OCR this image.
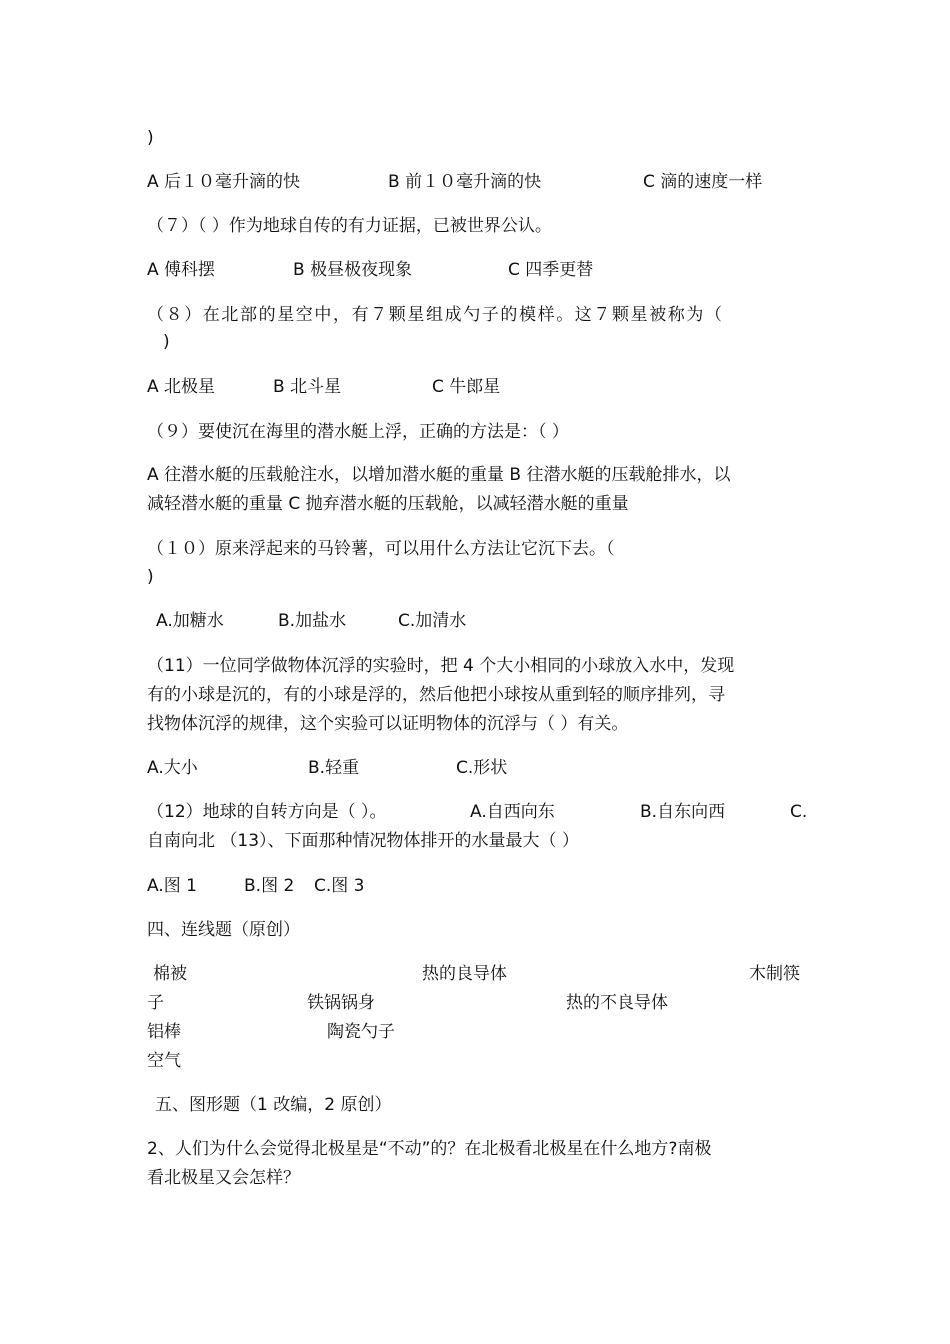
)
A 后１０毫升滴的快	B 前１０毫升滴的快	C 滴的速度一样
（７）（ ）作为地球自传的有力证据，已被世界公认。
A 傅科摆	B 极昼极夜现象	C 四季更替
（８）在北部的星空中，有７颗星组成勺子的模样。这７颗星被称为（
)
A 北极星	B 北斗星	C 牛郎星
（９）要使沉在海里的潜水艇上浮，正确的方法是：（ ）
A 往潜水艇的压载舱注水，以增加潜水艇的重量 B 往潜水艇的压载舱排水，以
减轻潜水艇的重量 C 抛弃潜水艇的压载舱，以减轻潜水艇的重量
（１０）原来浮起来的马铃薯，可以用什么方法让它沉下去。（
)
A.加糖水	B.加盐水	C.加清水
（11）一位同学做物体沉浮的实验时，把 4 个大小相同的小球放入水中，发现
有的小球是沉的，有的小球是浮的，然后他把小球按从重到轻的顺序排列，寻
找物体沉浮的规律，这个实验可以证明物体的沉浮与（ ）有关。
A.大小	B.轻重	C.形状
（12）地球的自转方向是（ ）。	A.自西向东	B.自东向西	C.
自南向北 （13）、下面那种情况物体排开的水量最大（ ）
A.图 1	B.图 2 C.图 3
四、连线题（原创）
棉被	热的良导体	木制筷
子	铁锅锅身	热的不良导体
铝棒	陶瓷勺子
空气
五、图形题（1 改编，2 原创）
2、人们为什么会觉得北极星是“不动”的？在北极看北极星在什么地方?南极
看北极星又会怎样？
